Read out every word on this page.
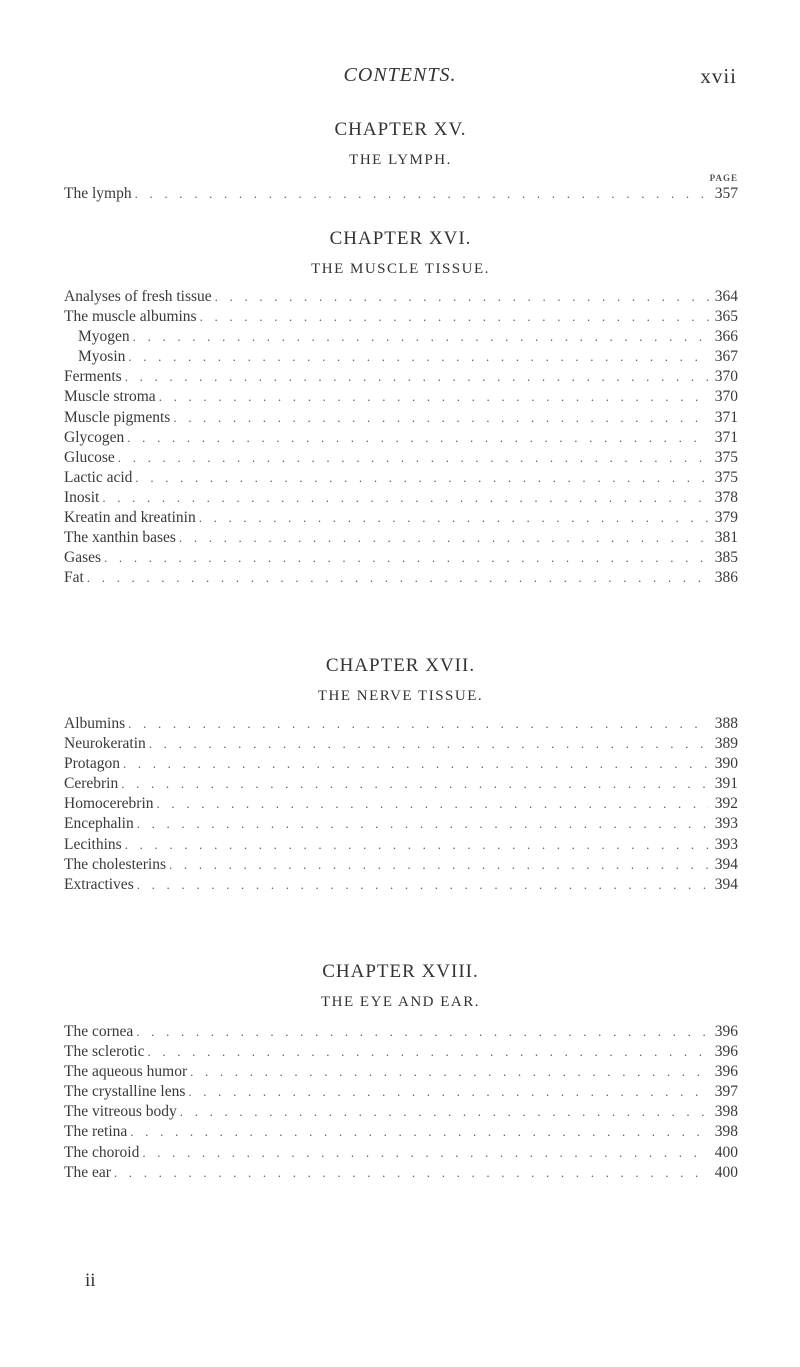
CONTENTS.	xvii
CHAPTER XV.
THE LYMPH.
PAGE
The lymph . . .	357
CHAPTER XVI.
THE MUSCLE TISSUE.
Analyses of fresh tissue . . .	364
The muscle albumins . . .	365
Myogen . . .	366
Myosin . . .	367
Ferments . . .	370
Muscle stroma . . .	370
Muscle pigments . . .	371
Glycogen . . .	371
Glucose . . .	375
Lactic acid . . .	375
Inosit . . .	378
Kreatin and kreatinin . . .	379
The xanthin bases . . .	381
Gases . . .	385
Fat . . .	386
CHAPTER XVII.
THE NERVE TISSUE.
Albumins . . .	388
Neurokeratin . . .	389
Protagon . . .	390
Cerebrin . . .	391
Homocerebrin . . .	392
Encephalin . . .	393
Lecithins . . .	393
The cholesterins . . .	394
Extractives . . .	394
CHAPTER XVIII.
THE EYE AND EAR.
The cornea . . .	396
The sclerotic . . .	396
The aqueous humor . . .	396
The crystalline lens . . .	397
The vitreous body . . .	398
The retina . . .	398
The choroid . . .	400
The ear . . .	400
ii
